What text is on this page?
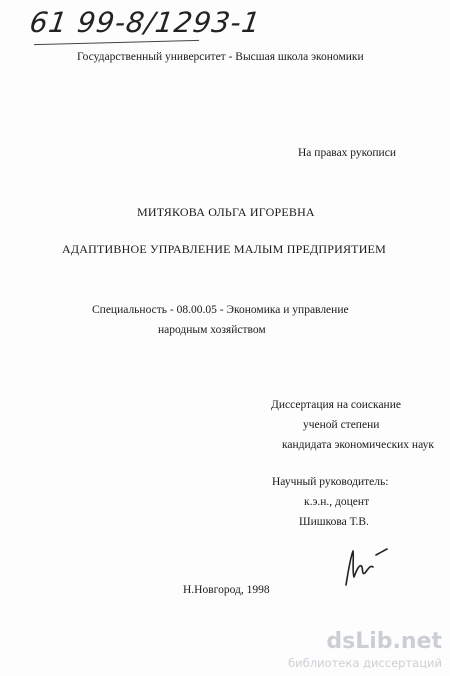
61 99-8/1293-1
Государственный университет - Высшая школа экономики
На правах рукописи
МИТЯКОВА ОЛЬГА ИГОРЕВНА
АДАПТИВНОЕ УПРАВЛЕНИЕ МАЛЫМ ПРЕДПРИЯТИЕМ
Специальность - 08.00.05 - Экономика и управление
народным хозяйством
Диссертация на соискание
ученой степени
кандидата экономических наук
Научный руководитель:
к.э.н., доцент
Шишкова Т.В.
Н.Новгород, 1998
dsLib.net
библиотека диссертаций
